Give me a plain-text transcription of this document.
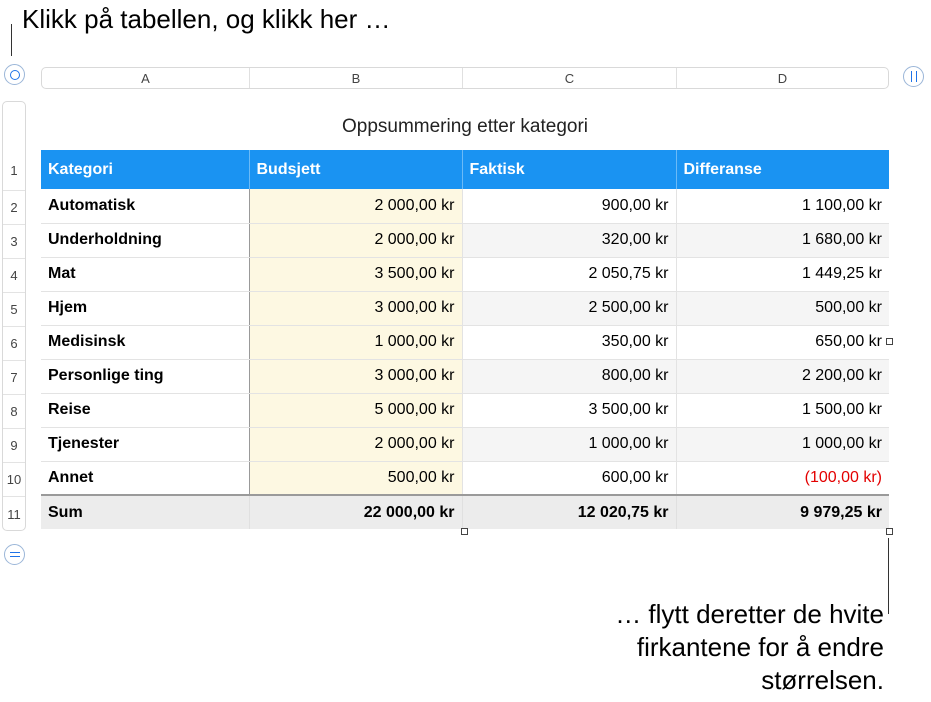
Klikk på tabellen, og klikk her …
A	B	C	D
1
2
3
4
5
6
7
8
9
10
11
Oppsummering etter kategori
Kategori	Budsjett	Faktisk	Differanse
Automatisk	2 000,00 kr	900,00 kr	1 100,00 kr
Underholdning	2 000,00 kr	320,00 kr	1 680,00 kr
Mat	3 500,00 kr	2 050,75 kr	1 449,25 kr
Hjem	3 000,00 kr	2 500,00 kr	500,00 kr
Medisinsk	1 000,00 kr	350,00 kr	650,00 kr
Personlige ting	3 000,00 kr	800,00 kr	2 200,00 kr
Reise	5 000,00 kr	3 500,00 kr	1 500,00 kr
Tjenester	2 000,00 kr	1 000,00 kr	1 000,00 kr
Annet	500,00 kr	600,00 kr	(100,00 kr)
Sum	22 000,00 kr	12 020,75 kr	9 979,25 kr
… flytt deretter de hvite
firkantene for å endre
størrelsen.
